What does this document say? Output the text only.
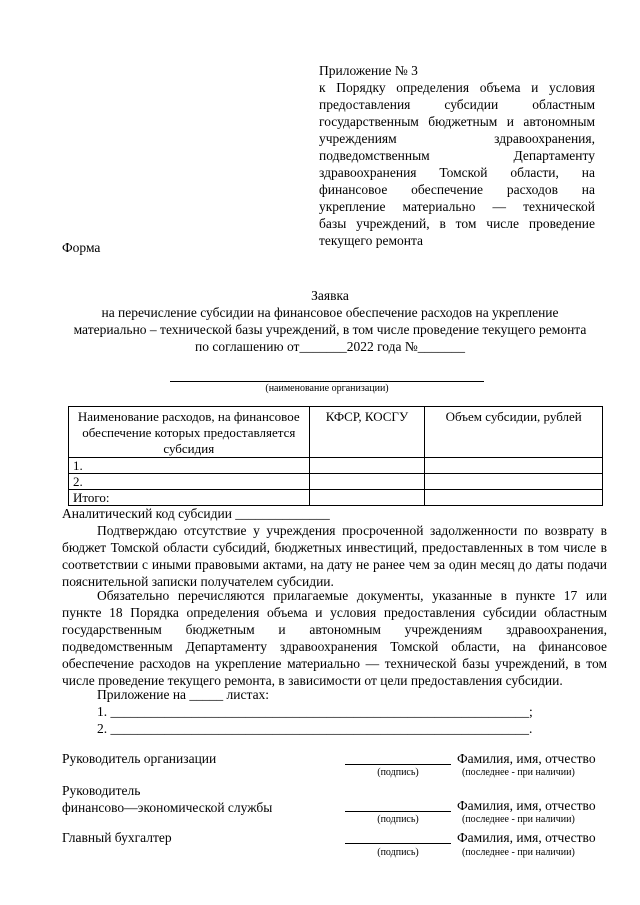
Приложение № 3
к Порядку определения объема и условия
предоставления субсидии областным
государственным бюджетным и автономным
учреждениям здравоохранения,
подведомственным Департаменту
здравоохранения Томской области, на
финансовое обеспечение расходов на
укрепление материально — технической
базы учреждений, в том числе проведение
текущего ремонта
Форма
Заявка
на перечисление субсидии на финансовое обеспечение расходов на укрепление
материально – технической базы учреждений, в том числе проведение текущего ремонта
по соглашению от_______2022 года №_______
(наименование организации)
Наименование расходов, на финансовое обеспечение которых предоставляется субсидия	КФСР, КОСГУ	Объем субсидии, рублей
1.		
2.		
Итого:		
Аналитический код субсидии ______________
Подтверждаю отсутствие у учреждения просроченной задолженности по возврату в бюджет Томской области субсидий, бюджетных инвестиций, предоставленных в том числе в соответствии с иными правовыми актами, на дату не ранее чем за один месяц до даты подачи пояснительной записки получателем субсидии.
Обязательно перечисляются прилагаемые документы, указанные в пункте 17 или пункте 18 Порядка определения объема и условия предоставления субсидии областным государственным бюджетным и автономным учреждениям здравоохранения, подведомственным Департаменту здравоохранения Томской области, на финансовое обеспечение расходов на укрепление материально — технической базы учреждений, в том числе проведение текущего ремонта, в зависимости от цели предоставления субсидии.
Приложение на _____ листах:
1. ______________________________________________________________;
2. ______________________________________________________________.
Руководитель организации
(подпись)
Фамилия, имя, отчество
(последнее - при наличии)
Руководитель
финансово—экономической службы
(подпись)
Фамилия, имя, отчество
(последнее - при наличии)
Главный бухгалтер
(подпись)
Фамилия, имя, отчество
(последнее - при наличии)
